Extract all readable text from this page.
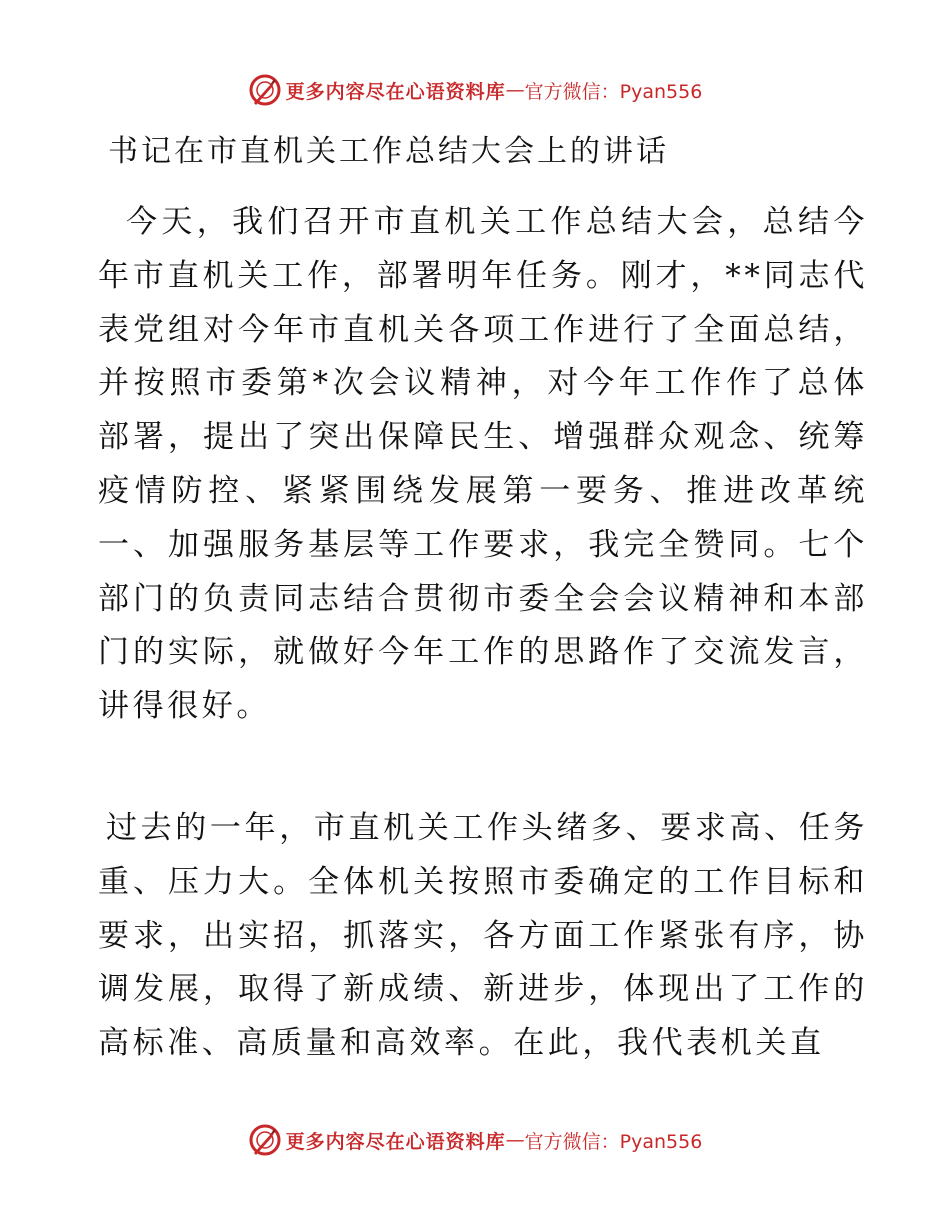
更多内容尽在心语资料库 — 官方微信：Pyan556
书记在市直机关工作总结大会上的讲话

今天，我们召开市直机关工作总结大会，总结今年市直机关工作，部署明年任务。刚才，**同志代表党组对今年市直机关各项工作进行了全面总结，并按照市委第*次会议精神，对今年工作作了总体部署，提出了突出保障民生、增强群众观念、统筹疫情防控、紧紧围绕发展第一要务、推进改革统一、加强服务基层等工作要求，我完全赞同。七个部门的负责同志结合贯彻市委全会会议精神和本部门的实际，就做好今年工作的思路作了交流发言，讲得很好。

过去的一年，市直机关工作头绪多、要求高、任务重、压力大。全体机关按照市委确定的工作目标和要求，出实招，抓落实，各方面工作紧张有序，协调发展，取得了新成绩、新进步，体现出了工作的高标准、高质量和高效率。在此，我代表机关直

更多内容尽在心语资料库 — 官方微信：Pyan556
